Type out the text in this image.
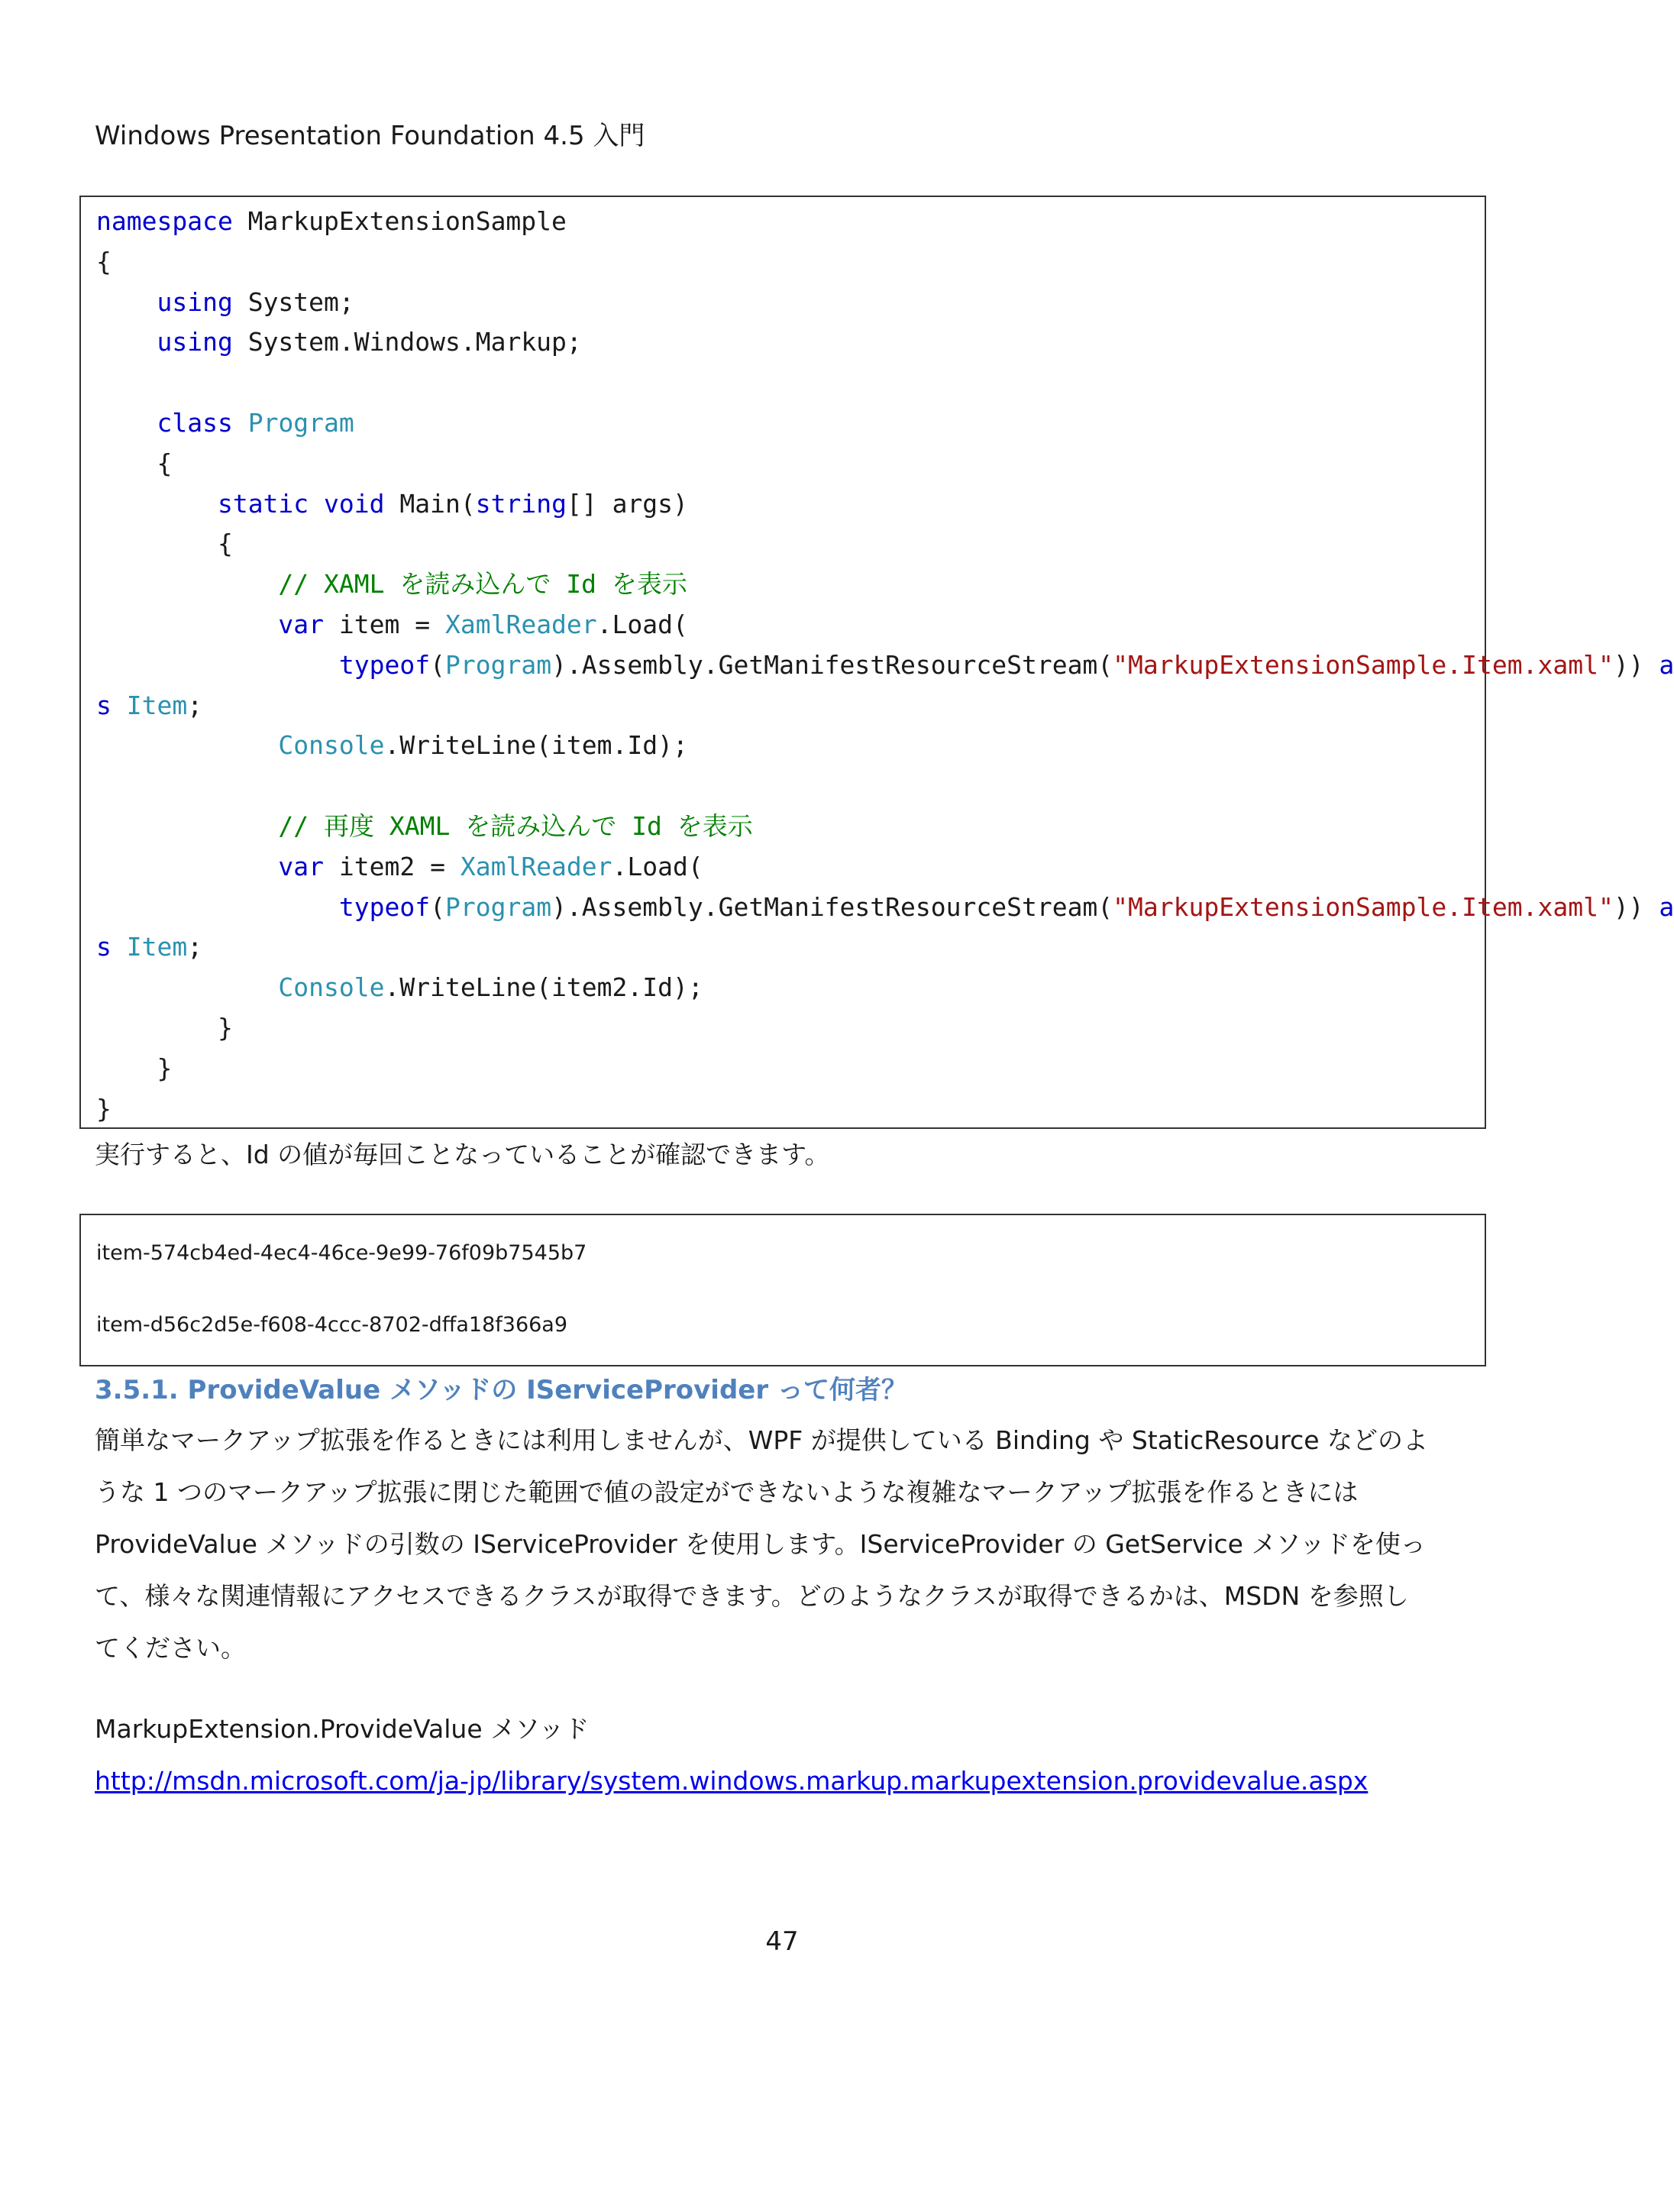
Windows Presentation Foundation 4.5 入門
namespace MarkupExtensionSample
{
using System;
using System.Windows.Markup;

class Program
{
static void Main(string[] args)
{
// XAML を読み込んで Id を表示
var item = XamlReader.Load(
typeof(Program).Assembly.GetManifestResourceStream("MarkupExtensionSample.Item.xaml")) a
s Item;
Console.WriteLine(item.Id);

// 再度 XAML を読み込んで Id を表示
var item2 = XamlReader.Load(
typeof(Program).Assembly.GetManifestResourceStream("MarkupExtensionSample.Item.xaml")) a
s Item;
Console.WriteLine(item2.Id);
}
}
}
実行すると、Id の値が毎回ことなっていることが確認できます。
item-574cb4ed-4ec4-46ce-9e99-76f09b7545b7
item-d56c2d5e-f608-4ccc-8702-dffa18f366a9
3.5.1. ProvideValue メソッドの IServiceProvider って何者？
簡単なマークアップ拡張を作るときには利用しませんが、WPF が提供している Binding や StaticResource などのよ
うな 1 つのマークアップ拡張に閉じた範囲で値の設定ができないような複雑なマークアップ拡張を作るときには
ProvideValue メソッドの引数の IServiceProvider を使用します。IServiceProvider の GetService メソッドを使っ
て、様々な関連情報にアクセスできるクラスが取得できます。どのようなクラスが取得できるかは、MSDN を参照し
てください。
MarkupExtension.ProvideValue メソッド
http://msdn.microsoft.com/ja-jp/library/system.windows.markup.markupextension.providevalue.aspx
47
